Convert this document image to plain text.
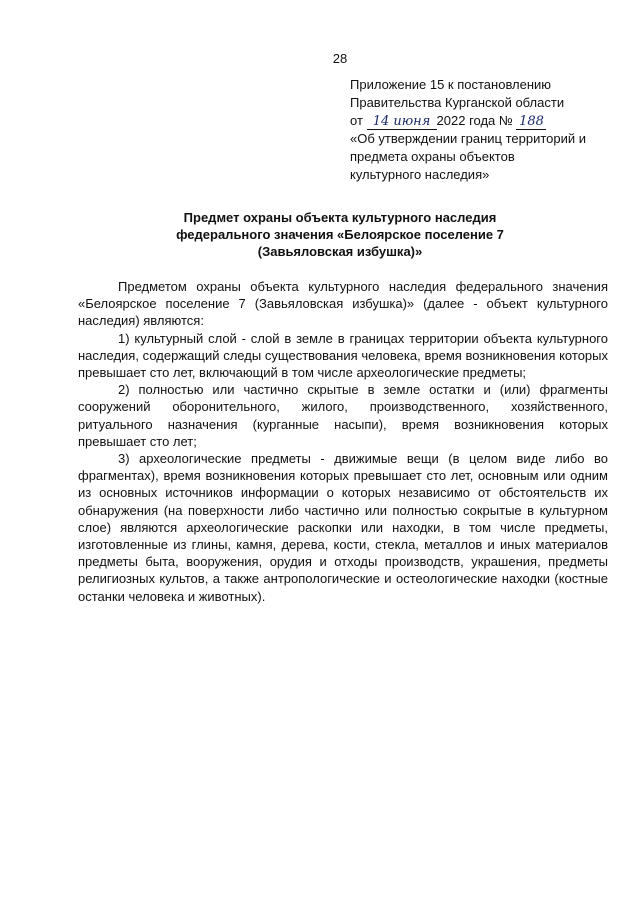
28
Приложение 15 к постановлению
Правительства Курганской области
от 14 июня 2022 года № 188
«Об утверждении границ территорий и
предмета охраны объектов
культурного наследия»
Предмет охраны объекта культурного наследия
федерального значения «Белоярское поселение 7
(Завьяловская избушка)»

Предметом охраны объекта культурного наследия федерального значения «Белоярское поселение 7 (Завьяловская избушка)» (далее - объект культурного наследия) являются:

1) культурный слой - слой в земле в границах территории объекта культурного наследия, содержащий следы существования человека, время возникновения которых превышает сто лет, включающий в том числе археологические предметы;

2) полностью или частично скрытые в земле остатки и (или) фрагменты сооружений оборонительного, жилого, производственного, хозяйственного, ритуального назначения (курганные насыпи), время возникновения которых превышает сто лет;

3) археологические предметы - движимые вещи (в целом виде либо во фрагментах), время возникновения которых превышает сто лет, основным или одним из основных источников информации о которых независимо от обстоятельств их обнаружения (на поверхности либо частично или полностью сокрытые в культурном слое) являются археологические раскопки или находки, в том числе предметы, изготовленные из глины, камня, дерева, кости, стекла, металлов и иных материалов предметы быта, вооружения, орудия и отходы производств, украшения, предметы религиозных культов, а также антропологические и остеологические находки (костные останки человека и животных).
